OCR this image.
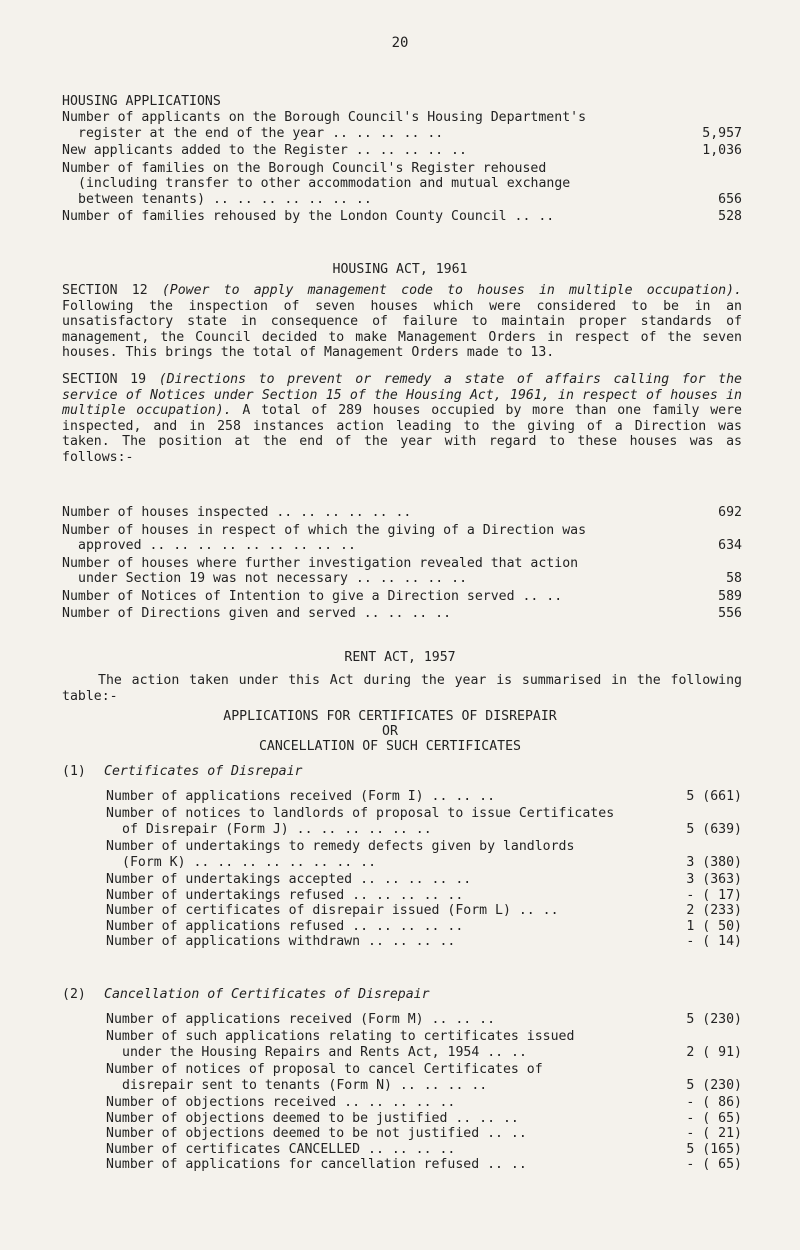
20
HOUSING APPLICATIONS
Number of applicants on the Borough Council's Housing Department's
register at the end of the year .. .. .. .. ..	5,957
New applicants added to the Register .. .. .. .. ..	1,036
Number of families on the Borough Council's Register rehoused
(including transfer to other accommodation and mutual exchange
between tenants) .. .. .. .. .. .. ..	656
Number of families rehoused by the London County Council .. ..	528
HOUSING ACT, 1961
SECTION 12 (Power to apply management code to houses in multiple occupation). Following the inspection of seven houses which were considered to be in an unsatisfactory state in consequence of failure to maintain proper standards of management, the Council decided to make Management Orders in respect of the seven houses. This brings the total of Management Orders made to 13.
SECTION 19 (Directions to prevent or remedy a state of affairs calling for the service of Notices under Section 15 of the Housing Act, 1961, in respect of houses in multiple occupation). A total of 289 houses occupied by more than one family were inspected, and in 258 instances action leading to the giving of a Direction was taken. The position at the end of the year with regard to these houses was as follows:-
Number of houses inspected .. .. .. .. .. ..	692
Number of houses in respect of which the giving of a Direction was
approved .. .. .. .. .. .. .. .. ..	634
Number of houses where further investigation revealed that action
under Section 19 was not necessary .. .. .. .. ..	58
Number of Notices of Intention to give a Direction served .. ..	589
Number of Directions given and served .. .. .. ..	556
RENT ACT, 1957
The action taken under this Act during the year is summarised in the following table:-
APPLICATIONS FOR CERTIFICATES OF DISREPAIR
OR
CANCELLATION OF SUCH CERTIFICATES
(1)	Certificates of Disrepair
Number of applications received (Form I) .. .. ..	5 (661)
Number of notices to landlords of proposal to issue Certificates
of Disrepair (Form J) .. .. .. .. .. ..	5 (639)
Number of undertakings to remedy defects given by landlords
(Form K) .. .. .. .. .. .. .. ..	3 (380)
Number of undertakings accepted .. .. .. .. ..	3 (363)
Number of undertakings refused .. .. .. .. ..	- ( 17)
Number of certificates of disrepair issued (Form L) .. ..	2 (233)
Number of applications refused .. .. .. .. ..	1 ( 50)
Number of applications withdrawn .. .. .. ..	- ( 14)
(2)	Cancellation of Certificates of Disrepair
Number of applications received (Form M) .. .. ..	5 (230)
Number of such applications relating to certificates issued
under the Housing Repairs and Rents Act, 1954 .. ..	2 ( 91)
Number of notices of proposal to cancel Certificates of
disrepair sent to tenants (Form N) .. .. .. ..	5 (230)
Number of objections received .. .. .. .. ..	- ( 86)
Number of objections deemed to be justified .. .. ..	- ( 65)
Number of objections deemed to be not justified .. ..	- ( 21)
Number of certificates CANCELLED .. .. .. ..	5 (165)
Number of applications for cancellation refused .. ..	- ( 65)
